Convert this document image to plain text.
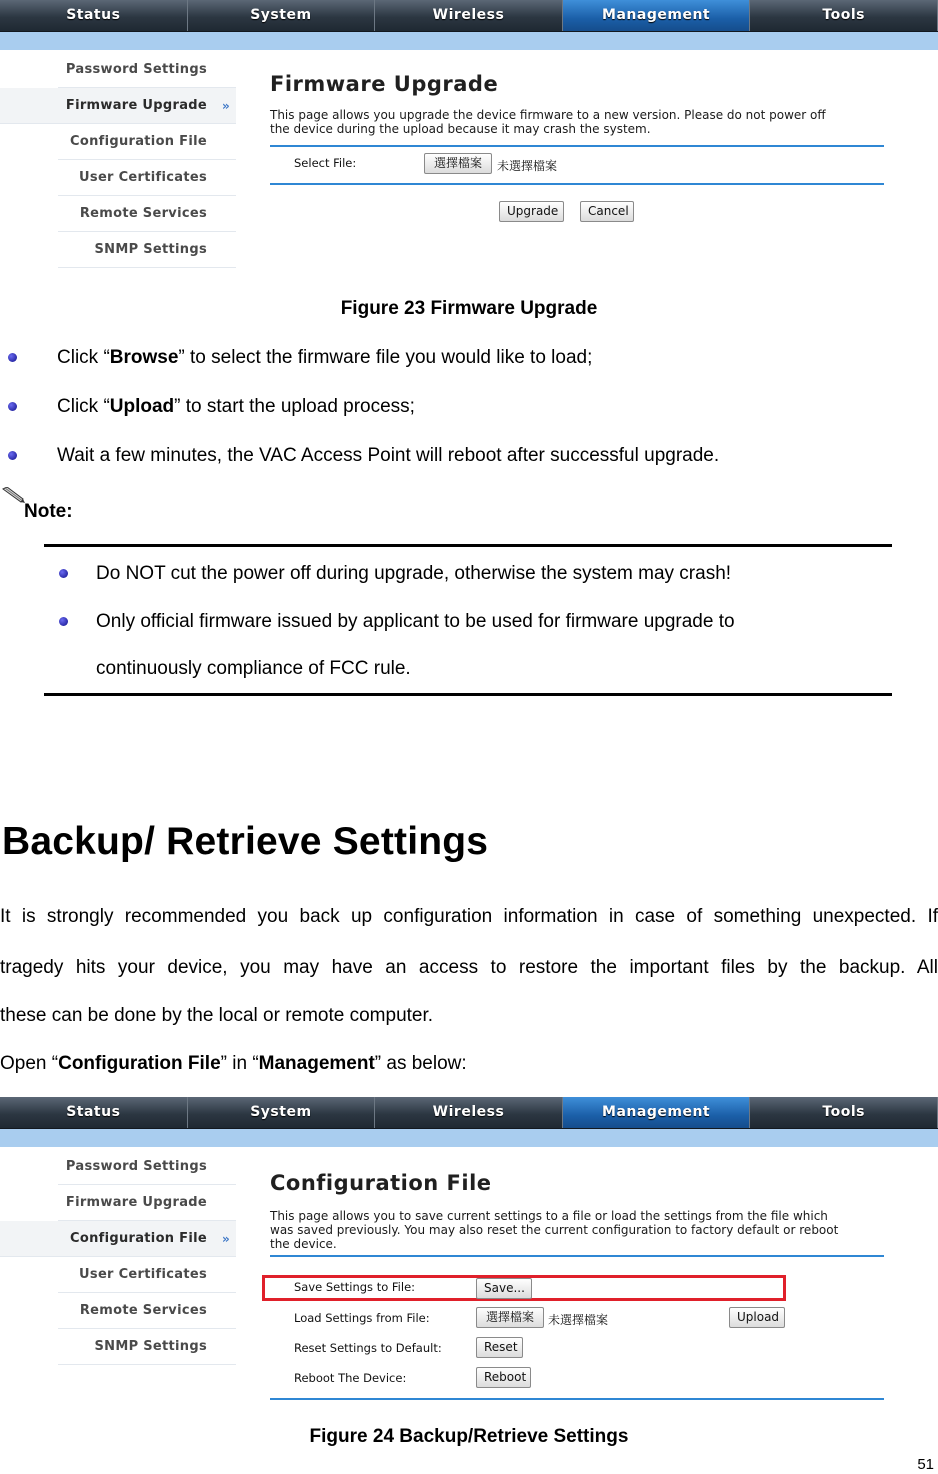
Status	System	Wireless	Management	Tools
Password Settings
Firmware Upgrade »
Configuration File
User Certificates
Remote Services
SNMP Settings
Firmware Upgrade
This page allows you upgrade the device firmware to a new version. Please do not power off
the device during the upload because it may crash the system.
Select File:	選擇檔案	未選擇檔案
Upgrade	Cancel
Figure 23 Firmware Upgrade
Click “Browse” to select the firmware file you would like to load;
Click “Upload” to start the upload process;
Wait a few minutes, the VAC Access Point will reboot after successful upgrade.
Note:
Do NOT cut the power off during upgrade, otherwise the system may crash!
Only official firmware issued by applicant to be used for firmware upgrade to
continuously compliance of FCC rule.
Backup/ Retrieve Settings
It is strongly recommended you back up configuration information in case of something unexpected. If
tragedy hits your device, you may have an access to restore the important files by the backup. All
these can be done by the local or remote computer.
Open “Configuration File” in “Management” as below:
Status	System	Wireless	Management	Tools
Password Settings
Firmware Upgrade
Configuration File »
User Certificates
Remote Services
SNMP Settings
Configuration File
This page allows you to save current settings to a file or load the settings from the file which
was saved previously. You may also reset the current configuration to factory default or reboot
the device.
Save Settings to File:	Save...
Load Settings from File:	選擇檔案	未選擇檔案	Upload
Reset Settings to Default:	Reset
Reboot The Device:	Reboot
Figure 24 Backup/Retrieve Settings
51
